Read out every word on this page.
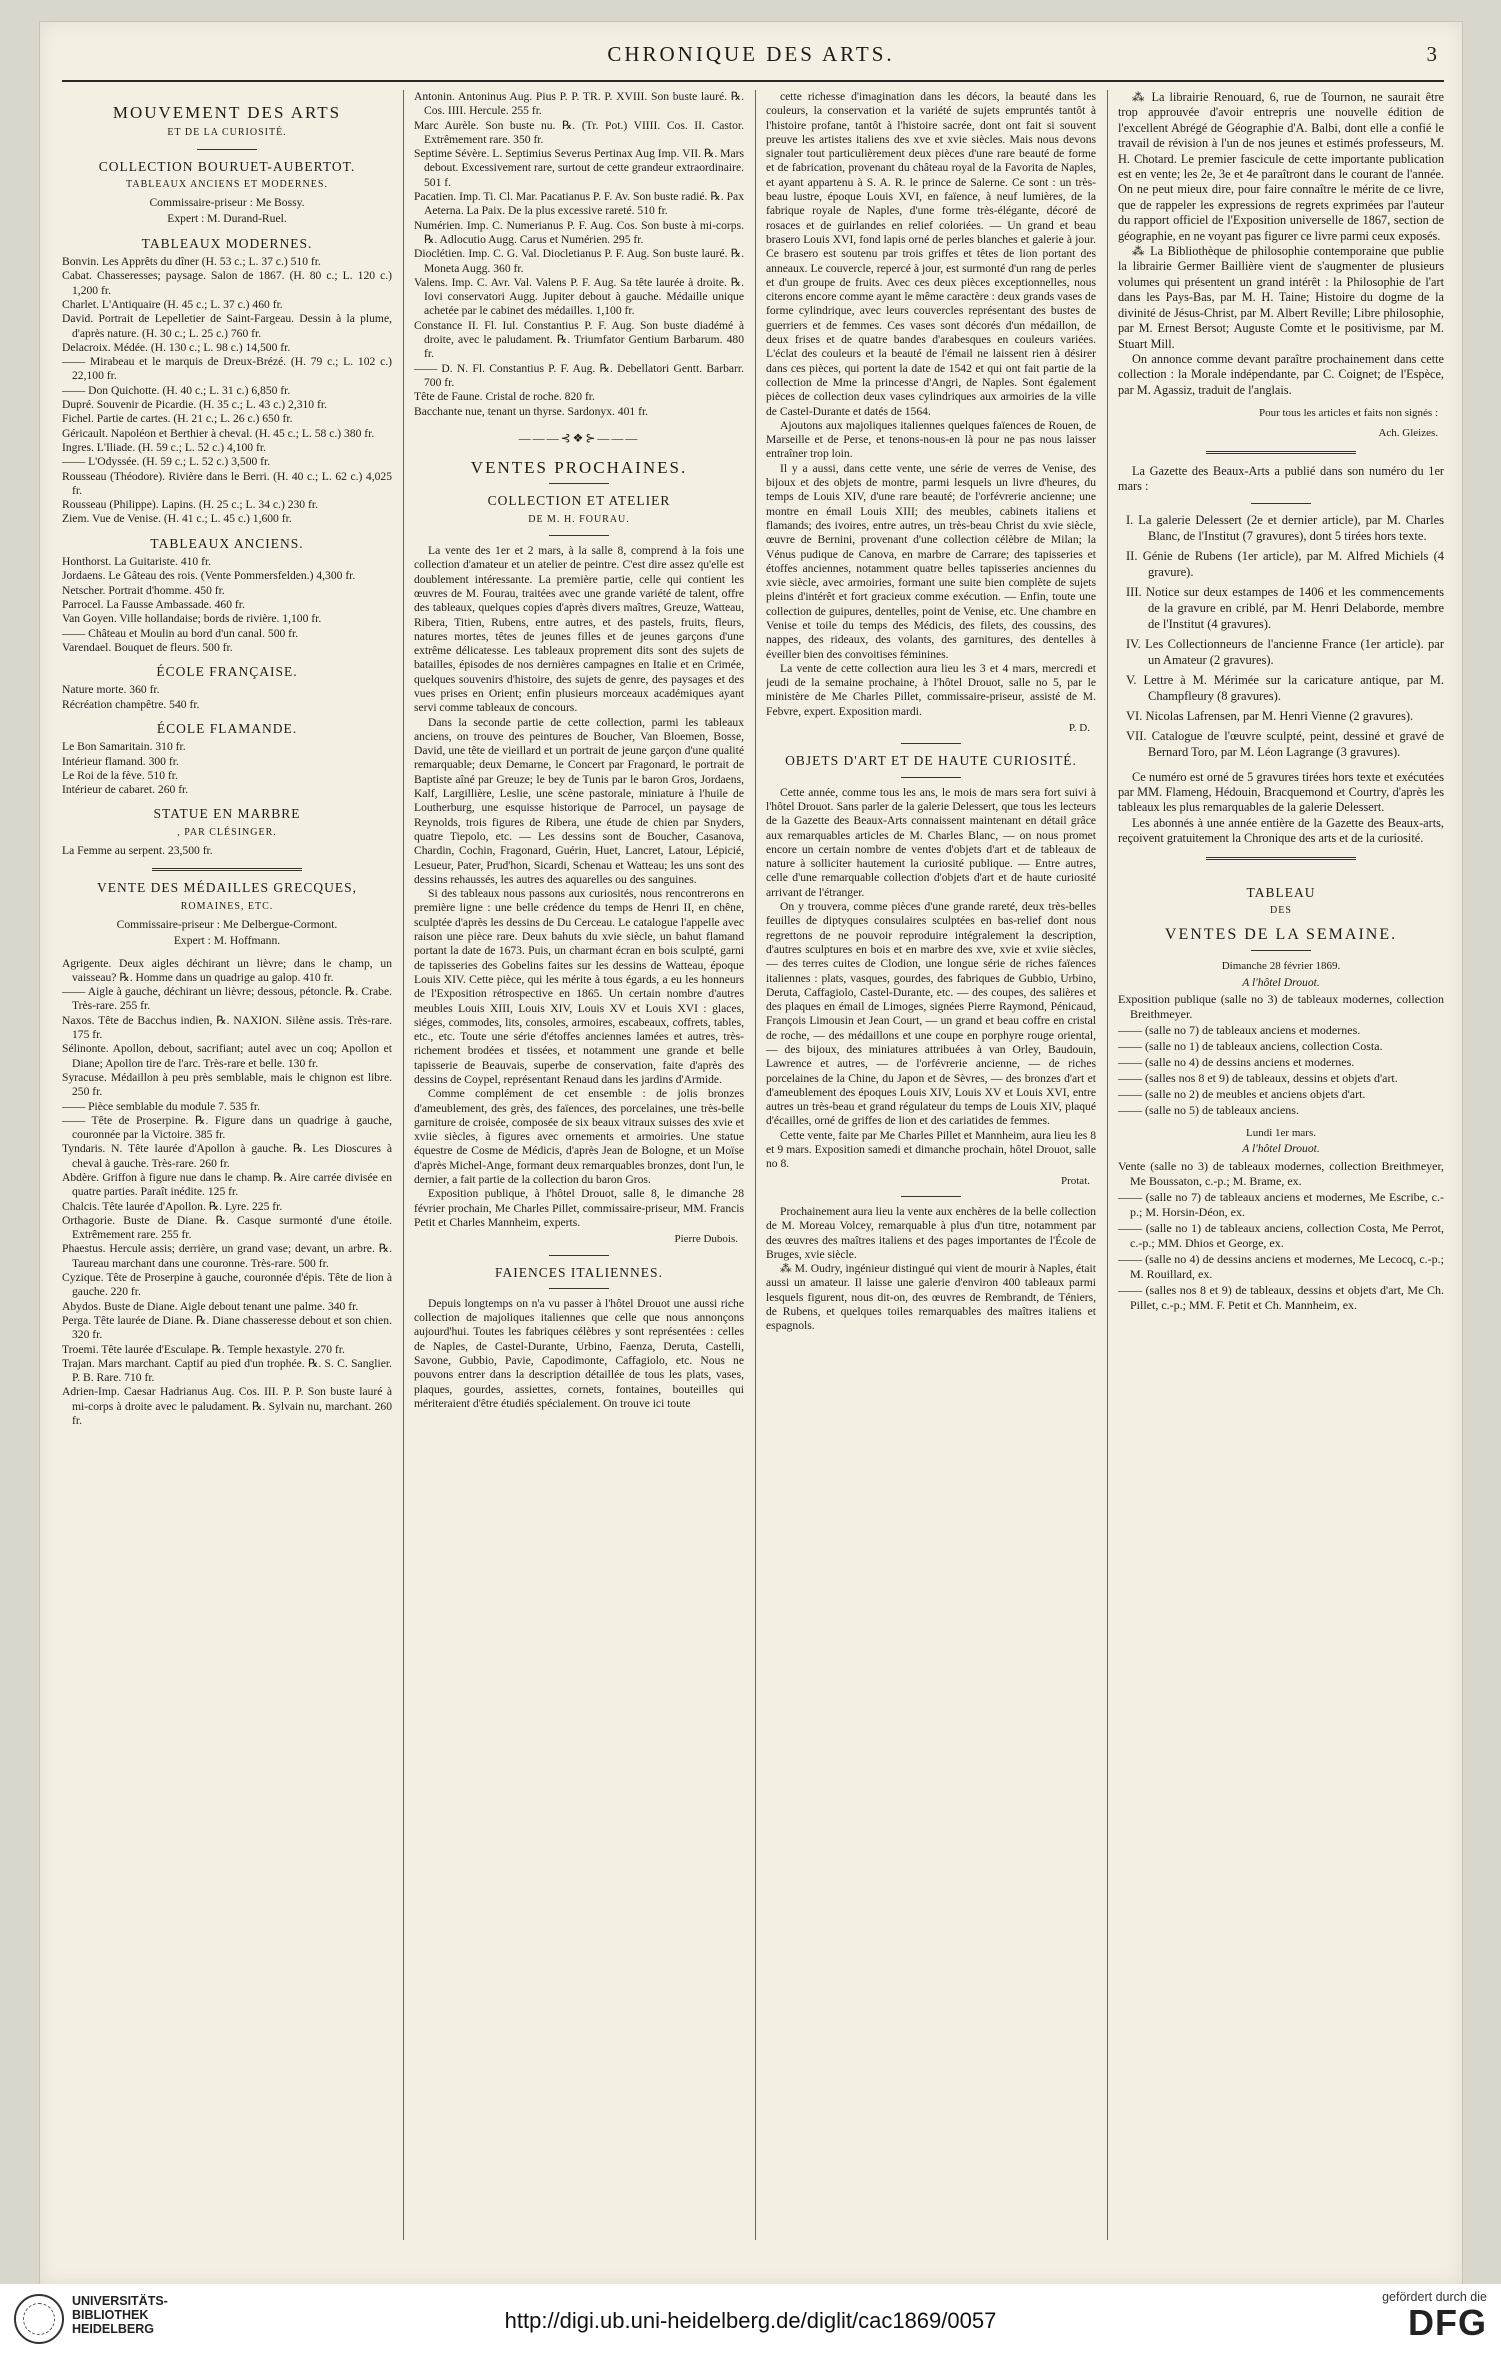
CHRONIQUE DES ARTS.	3
MOUVEMENT DES ARTS
ET DE LA CURIOSITÉ.
COLLECTION BOURUET-AUBERTOT.
TABLEAUX ANCIENS ET MODERNES.
Commissaire-priseur : Me Bossy.
Expert : M. Durand-Ruel.
TABLEAUX MODERNES.
Bonvin. Les Apprêts du dîner (H. 53 c.; L. 37 c.) 510 fr.
Cabat. Chasseresses; paysage. Salon de 1867. (H. 80 c.; L. 120 c.) 1,200 fr.
Charlet. L'Antiquaire (H. 45 c.; L. 37 c.) 460 fr.
David. Portrait de Lepelletier de Saint-Fargeau. Dessin à la plume, d'après nature. (H. 30 c.; L. 25 c.) 760 fr.
Delacroix. Médée. (H. 130 c.; L. 98 c.) 14,500 fr.
—— Mirabeau et le marquis de Dreux-Brézé. (H. 79 c.; L. 102 c.) 22,100 fr.
—— Don Quichotte. (H. 40 c.; L. 31 c.) 6,850 fr.
Dupré. Souvenir de Picardie. (H. 35 c.; L. 43 c.) 2,310 fr.
Fichel. Partie de cartes. (H. 21 c.; L. 26 c.) 650 fr.
Géricault. Napoléon et Berthier à cheval. (H. 45 c.; L. 58 c.) 380 fr.
Ingres. L'Iliade. (H. 59 c.; L. 52 c.) 4,100 fr.
—— L'Odyssée. (H. 59 c.; L. 52 c.) 3,500 fr.
Rousseau (Théodore). Rivière dans le Berri. (H. 40 c.; L. 62 c.) 4,025 fr.
Rousseau (Philippe). Lapins. (H. 25 c.; L. 34 c.) 230 fr.
Ziem. Vue de Venise. (H. 41 c.; L. 45 c.) 1,600 fr.
TABLEAUX ANCIENS.
Honthorst. La Guitariste. 410 fr.
Jordaens. Le Gâteau des rois. (Vente Pommersfelden.) 4,300 fr.
Netscher. Portrait d'homme. 450 fr.
Parrocel. La Fausse Ambassade. 460 fr.
Van Goyen. Ville hollandaise; bords de rivière. 1,100 fr.
—— Château et Moulin au bord d'un canal. 500 fr.
Varendael. Bouquet de fleurs. 500 fr.
ÉCOLE FRANÇAISE.
Nature morte. 360 fr.
Récréation champêtre. 540 fr.
ÉCOLE FLAMANDE.
Le Bon Samaritain. 310 fr.
Intérieur flamand. 300 fr.
Le Roi de la fève. 510 fr.
Intérieur de cabaret. 260 fr.
STATUE EN MARBRE
, PAR CLÉSINGER.
La Femme au serpent. 23,500 fr.
VENTE DES MÉDAILLES GRECQUES,
ROMAINES, ETC.
Commissaire-priseur : Me Delbergue-Cormont.
Expert : M. Hoffmann.
Agrigente. Deux aigles déchirant un lièvre; dans le champ, un vaisseau? ℞. Homme dans un quadrige au galop. 410 fr.
—— Aigle à gauche, déchirant un lièvre; dessous, pétoncle. ℞. Crabe. Très-rare. 255 fr.
Naxos. Tête de Bacchus indien, ℞. NAXION. Silène assis. Très-rare. 175 fr.
Sélinonte. Apollon, debout, sacrifiant; autel avec un coq; Apollon et Diane; Apollon tire de l'arc. Très-rare et belle. 130 fr.
Syracuse. Médaillon à peu près semblable, mais le chignon est libre. 250 fr.
—— Pièce semblable du module 7. 535 fr.
—— Tête de Proserpine. ℞. Figure dans un quadrige à gauche, couronnée par la Victoire. 385 fr.
Tyndaris. N. Tête laurée d'Apollon à gauche. ℞. Les Dioscures à cheval à gauche. Très-rare. 260 fr.
Abdère. Griffon à figure nue dans le champ. ℞. Aire carrée divisée en quatre parties. Paraît inédite. 125 fr.
Chalcis. Tête laurée d'Apollon. ℞. Lyre. 225 fr.
Orthagorie. Buste de Diane. ℞. Casque surmonté d'une étoile. Extrêmement rare. 255 fr.
Phaestus. Hercule assis; derrière, un grand vase; devant, un arbre. ℞. Taureau marchant dans une couronne. Très-rare. 500 fr.
Cyzique. Tête de Proserpine à gauche, couronnée d'épis. Tête de lion à gauche. 220 fr.
Abydos. Buste de Diane. Aigle debout tenant une palme. 340 fr.
Perga. Tête laurée de Diane. ℞. Diane chasseresse debout et son chien. 320 fr.
Troemi. Tête laurée d'Esculape. ℞. Temple hexastyle. 270 fr.
Trajan. Mars marchant. Captif au pied d'un trophée. ℞. S. C. Sanglier. P. B. Rare. 710 fr.
Adrien-Imp. Caesar Hadrianus Aug. Cos. III. P. P. Son buste lauré à mi-corps à droite avec le paludament. ℞. Sylvain nu, marchant. 260 fr.
Antonin. Antoninus Aug. Pius P. P. TR. P. XVIII. Son buste lauré. ℞. Cos. IIII. Hercule. 255 fr.
Marc Aurèle. Son buste nu. ℞. (Tr. Pot.) VIIII. Cos. II. Castor. Extrêmement rare. 350 fr.
Septime Sévère. L. Septimius Severus Pertinax Aug Imp. VII. ℞. Mars debout. Excessivement rare, surtout de cette grandeur extraordinaire. 501 f.
Pacatien. Imp. Ti. Cl. Mar. Pacatianus P. F. Av. Son buste radié. ℞. Pax Aeterna. La Paix. De la plus excessive rareté. 510 fr.
Numérien. Imp. C. Numerianus P. F. Aug. Cos. Son buste à mi-corps. ℞. Adlocutio Augg. Carus et Numérien. 295 fr.
Dioclétien. Imp. C. G. Val. Diocletianus P. F. Aug. Son buste lauré. ℞. Moneta Augg. 360 fr.
Valens. Imp. C. Avr. Val. Valens P. F. Aug. Sa tête laurée à droite. ℞. Iovi conservatori Augg. Jupiter debout à gauche. Médaille unique achetée par le cabinet des médailles. 1,100 fr.
Constance II. Fl. Iul. Constantius P. F. Aug. Son buste diadémé à droite, avec le paludament. ℞. Triumfator Gentium Barbarum. 480 fr.
—— D. N. Fl. Constantius P. F. Aug. ℞. Debellatori Gentt. Barbarr. 700 fr.
Tête de Faune. Cristal de roche. 820 fr.
Bacchante nue, tenant un thyrse. Sardonyx. 401 fr.
———⊰❖⊱———
VENTES PROCHAINES.
COLLECTION ET ATELIER
DE M. H. FOURAU.

La vente des 1er et 2 mars, à la salle 8, comprend à la fois une collection d'amateur et un atelier de peintre. C'est dire assez qu'elle est doublement intéressante. La première partie, celle qui contient les œuvres de M. Fourau, traitées avec une grande variété de talent, offre des tableaux, quelques copies d'après divers maîtres, Greuze, Watteau, Ribera, Titien, Rubens, entre autres, et des pastels, fruits, fleurs, natures mortes, têtes de jeunes filles et de jeunes garçons d'une extrême délicatesse. Les tableaux proprement dits sont des sujets de batailles, épisodes de nos dernières campagnes en Italie et en Crimée, quelques souvenirs d'histoire, des sujets de genre, des paysages et des vues prises en Orient; enfin plusieurs morceaux académiques ayant servi comme tableaux de concours.

Dans la seconde partie de cette collection, parmi les tableaux anciens, on trouve des peintures de Boucher, Van Bloemen, Bosse, David, une tête de vieillard et un portrait de jeune garçon d'une qualité remarquable; deux Demarne, le Concert par Fragonard, le portrait de Baptiste aîné par Greuze; le bey de Tunis par le baron Gros, Jordaens, Kalf, Largillière, Leslie, une scène pastorale, miniature à l'huile de Loutherburg, une esquisse historique de Parrocel, un paysage de Reynolds, trois figures de Ribera, une étude de chien par Snyders, quatre Tiepolo, etc. — Les dessins sont de Boucher, Casanova, Chardin, Cochin, Fragonard, Guérin, Huet, Lancret, Latour, Lépicié, Lesueur, Pater, Prud'hon, Sicardi, Schenau et Watteau; les uns sont des dessins rehaussés, les autres des aquarelles ou des sanguines.

Si des tableaux nous passons aux curiosités, nous rencontrerons en première ligne : une belle crédence du temps de Henri II, en chêne, sculptée d'après les dessins de Du Cerceau. Le catalogue l'appelle avec raison une pièce rare. Deux bahuts du xvie siècle, un bahut flamand portant la date de 1673. Puis, un charmant écran en bois sculpté, garni de tapisseries des Gobelins faites sur les dessins de Watteau, époque Louis XIV. Cette pièce, qui les mérite à tous égards, a eu les honneurs de l'Exposition rétrospective en 1865. Un certain nombre d'autres meubles Louis XIII, Louis XIV, Louis XV et Louis XVI : glaces, siéges, commodes, lits, consoles, armoires, escabeaux, coffrets, tables, etc., etc. Toute une série d'étoffes anciennes lamées et autres, très-richement brodées et tissées, et notamment une grande et belle tapisserie de Beauvais, superbe de conservation, faite d'après des dessins de Coypel, représentant Renaud dans les jardins d'Armide.

Comme complément de cet ensemble : de jolis bronzes d'ameublement, des grès, des faïences, des porcelaines, une très-belle garniture de croisée, composée de six beaux vitraux suisses des xvie et xviie siècles, à figures avec ornements et armoiries. Une statue équestre de Cosme de Médicis, d'après Jean de Bologne, et un Moïse d'après Michel-Ange, formant deux remarquables bronzes, dont l'un, le dernier, a fait partie de la collection du baron Gros.

Exposition publique, à l'hôtel Drouot, salle 8, le dimanche 28 février prochain, Me Charles Pillet, commissaire-priseur, MM. Francis Petit et Charles Mannheim, experts.

Pierre Dubois.
FAIENCES ITALIENNES.

Depuis longtemps on n'a vu passer à l'hôtel Drouot une aussi riche collection de majoliques italiennes que celle que nous annonçons aujourd'hui. Toutes les fabriques célèbres y sont représentées : celles de Naples, de Castel-Durante, Urbino, Faenza, Deruta, Castelli, Savone, Gubbio, Pavie, Capodimonte, Caffagiolo, etc. Nous ne pouvons entrer dans la description détaillée de tous les plats, vases, plaques, gourdes, assiettes, cornets, fontaines, bouteilles qui mériteraient d'être étudiés spécialement. On trouve ici toute

cette richesse d'imagination dans les décors, la beauté dans les couleurs, la conservation et la variété de sujets empruntés tantôt à l'histoire profane, tantôt à l'histoire sacrée, dont ont fait si souvent preuve les artistes italiens des xve et xvie siècles. Mais nous devons signaler tout particulièrement deux pièces d'une rare beauté de forme et de fabrication, provenant du château royal de la Favorita de Naples, et ayant appartenu à S. A. R. le prince de Salerne. Ce sont : un très-beau lustre, époque Louis XVI, en faïence, à neuf lumières, de la fabrique royale de Naples, d'une forme très-élégante, décoré de rosaces et de guirlandes en relief coloriées. — Un grand et beau brasero Louis XVI, fond lapis orné de perles blanches et galerie à jour. Ce brasero est soutenu par trois griffes et têtes de lion portant des anneaux. Le couvercle, repercé à jour, est surmonté d'un rang de perles et d'un groupe de fruits. Avec ces deux pièces exceptionnelles, nous citerons encore comme ayant le même caractère : deux grands vases de forme cylindrique, avec leurs couvercles représentant des bustes de guerriers et de femmes. Ces vases sont décorés d'un médaillon, de deux frises et de quatre bandes d'arabesques en couleurs variées. L'éclat des couleurs et la beauté de l'émail ne laissent rien à désirer dans ces pièces, qui portent la date de 1542 et qui ont fait partie de la collection de Mme la princesse d'Angri, de Naples. Sont également pièces de collection deux vases cylindriques aux armoiries de la ville de Castel-Durante et datés de 1564.

Ajoutons aux majoliques italiennes quelques faïences de Rouen, de Marseille et de Perse, et tenons-nous-en là pour ne pas nous laisser entraîner trop loin.

Il y a aussi, dans cette vente, une série de verres de Venise, des bijoux et des objets de montre, parmi lesquels un livre d'heures, du temps de Louis XIV, d'une rare beauté; de l'orfévrerie ancienne; une montre en émail Louis XIII; des meubles, cabinets italiens et flamands; des ivoires, entre autres, un très-beau Christ du xvie siècle, œuvre de Bernini, provenant d'une collection célèbre de Milan; la Vénus pudique de Canova, en marbre de Carrare; des tapisseries et étoffes anciennes, notamment quatre belles tapisseries anciennes du xvie siècle, avec armoiries, formant une suite bien complète de sujets pleins d'intérêt et fort gracieux comme exécution. — Enfin, toute une collection de guipures, dentelles, point de Venise, etc. Une chambre en Venise et toile du temps des Médicis, des filets, des coussins, des nappes, des rideaux, des volants, des garnitures, des dentelles à éveiller bien des convoitises féminines.

La vente de cette collection aura lieu les 3 et 4 mars, mercredi et jeudi de la semaine prochaine, à l'hôtel Drouot, salle no 5, par le ministère de Me Charles Pillet, commissaire-priseur, assisté de M. Febvre, expert. Exposition mardi.

P. D.
OBJETS D'ART ET DE HAUTE CURIOSITÉ.

Cette année, comme tous les ans, le mois de mars sera fort suivi à l'hôtel Drouot. Sans parler de la galerie Delessert, que tous les lecteurs de la Gazette des Beaux-Arts connaissent maintenant en détail grâce aux remarquables articles de M. Charles Blanc, — on nous promet encore un certain nombre de ventes d'objets d'art et de tableaux de nature à solliciter hautement la curiosité publique. — Entre autres, celle d'une remarquable collection d'objets d'art et de haute curiosité arrivant de l'étranger.

On y trouvera, comme pièces d'une grande rareté, deux très-belles feuilles de diptyques consulaires sculptées en bas-relief dont nous regrettons de ne pouvoir reproduire intégralement la description, d'autres sculptures en bois et en marbre des xve, xvie et xviie siècles, — des terres cuites de Clodion, une longue série de riches faïences italiennes : plats, vasques, gourdes, des fabriques de Gubbio, Urbino, Deruta, Caffagiolo, Castel-Durante, etc. — des coupes, des salières et des plaques en émail de Limoges, signées Pierre Raymond, Pénicaud, François Limousin et Jean Court, — un grand et beau coffre en cristal de roche, — des médaillons et une coupe en porphyre rouge oriental, — des bijoux, des miniatures attribuées à van Orley, Baudouin, Lawrence et autres, — de l'orfévrerie ancienne, — de riches porcelaines de la Chine, du Japon et de Sèvres, — des bronzes d'art et d'ameublement des époques Louis XIV, Louis XV et Louis XVI, entre autres un très-beau et grand régulateur du temps de Louis XIV, plaqué d'écailles, orné de griffes de lion et des cariatides de femmes.

Cette vente, faite par Me Charles Pillet et Mannheim, aura lieu les 8 et 9 mars. Exposition samedi et dimanche prochain, hôtel Drouot, salle no 8.

Protat.

Prochainement aura lieu la vente aux enchères de la belle collection de M. Moreau Volcey, remarquable à plus d'un titre, notamment par des œuvres des maîtres italiens et des pages importantes de l'École de Bruges, xvie siècle.

⁂ M. Oudry, ingénieur distingué qui vient de mourir à Naples, était aussi un amateur. Il laisse une galerie d'environ 400 tableaux parmi lesquels figurent, nous dit-on, des œuvres de Rembrandt, de Téniers, de Rubens, et quelques toiles remarquables des maîtres italiens et espagnols.

⁂ La librairie Renouard, 6, rue de Tournon, ne saurait être trop approuvée d'avoir entrepris une nouvelle édition de l'excellent Abrégé de Géographie d'A. Balbi, dont elle a confié le travail de révision à l'un de nos jeunes et estimés professeurs, M. H. Chotard. Le premier fascicule de cette importante publication est en vente; les 2e, 3e et 4e paraîtront dans le courant de l'année. On ne peut mieux dire, pour faire connaître le mérite de ce livre, que de rappeler les expressions de regrets exprimées par l'auteur du rapport officiel de l'Exposition universelle de 1867, section de géographie, en ne voyant pas figurer ce livre parmi ceux exposés.

⁂ La Bibliothèque de philosophie contemporaine que publie la librairie Germer Baillière vient de s'augmenter de plusieurs volumes qui présentent un grand intérêt : la Philosophie de l'art dans les Pays-Bas, par M. H. Taine; Histoire du dogme de la divinité de Jésus-Christ, par M. Albert Reville; Libre philosophie, par M. Ernest Bersot; Auguste Comte et le positivisme, par M. Stuart Mill.

On annonce comme devant paraître prochainement dans cette collection : la Morale indépendante, par C. Coignet; de l'Espèce, par M. Agassiz, traduit de l'anglais.

Pour tous les articles et faits non signés :
Ach. Gleizes.

La Gazette des Beaux-Arts a publié dans son numéro du 1er mars :

I. La galerie Delessert (2e et dernier article), par M. Charles Blanc, de l'Institut (7 gravures), dont 5 tirées hors texte.
II. Génie de Rubens (1er article), par M. Alfred Michiels (4 gravure).
III. Notice sur deux estampes de 1406 et les commencements de la gravure en criblé, par M. Henri Delaborde, membre de l'Institut (4 gravures).
IV. Les Collectionneurs de l'ancienne France (1er article). par un Amateur (2 gravures).
V. Lettre à M. Mérimée sur la caricature antique, par M. Champfleury (8 gravures).
VI. Nicolas Lafrensen, par M. Henri Vienne (2 gravures).
VII. Catalogue de l'œuvre sculpté, peint, dessiné et gravé de Bernard Toro, par M. Léon Lagrange (3 gravures).

Ce numéro est orné de 5 gravures tirées hors texte et exécutées par MM. Flameng, Hédouin, Bracquemond et Courtry, d'après les tableaux les plus remarquables de la galerie Delessert.

Les abonnés à une année entière de la Gazette des Beaux-arts, reçoivent gratuitement la Chronique des arts et de la curiosité.

TABLEAU
DES
VENTES DE LA SEMAINE.
Dimanche 28 février 1869.
A l'hôtel Drouot.
Exposition publique (salle no 3) de tableaux modernes, collection Breithmeyer.
—— (salle no 7) de tableaux anciens et modernes.
—— (salle no 1) de tableaux anciens, collection Costa.
—— (salle no 4) de dessins anciens et modernes.
—— (salles nos 8 et 9) de tableaux, dessins et objets d'art.
—— (salle no 2) de meubles et anciens objets d'art.
—— (salle no 5) de tableaux anciens.
Lundi 1er mars.
A l'hôtel Drouot.
Vente (salle no 3) de tableaux modernes, collection Breithmeyer, Me Boussaton, c.-p.; M. Brame, ex.
—— (salle no 7) de tableaux anciens et modernes, Me Escribe, c.-p.; M. Horsin-Déon, ex.
—— (salle no 1) de tableaux anciens, collection Costa, Me Perrot, c.-p.; MM. Dhios et George, ex.
—— (salle no 4) de dessins anciens et modernes, Me Lecocq, c.-p.; M. Rouillard, ex.
—— (salles nos 8 et 9) de tableaux, dessins et objets d'art, Me Ch. Pillet, c.-p.; MM. F. Petit et Ch. Mannheim, ex.
UNIVERSITÄTS-
BIBLIOTHEK
HEIDELBERG	http://digi.ub.uni-heidelberg.de/diglit/cac1869/0057
gefördert durch die
DFG
